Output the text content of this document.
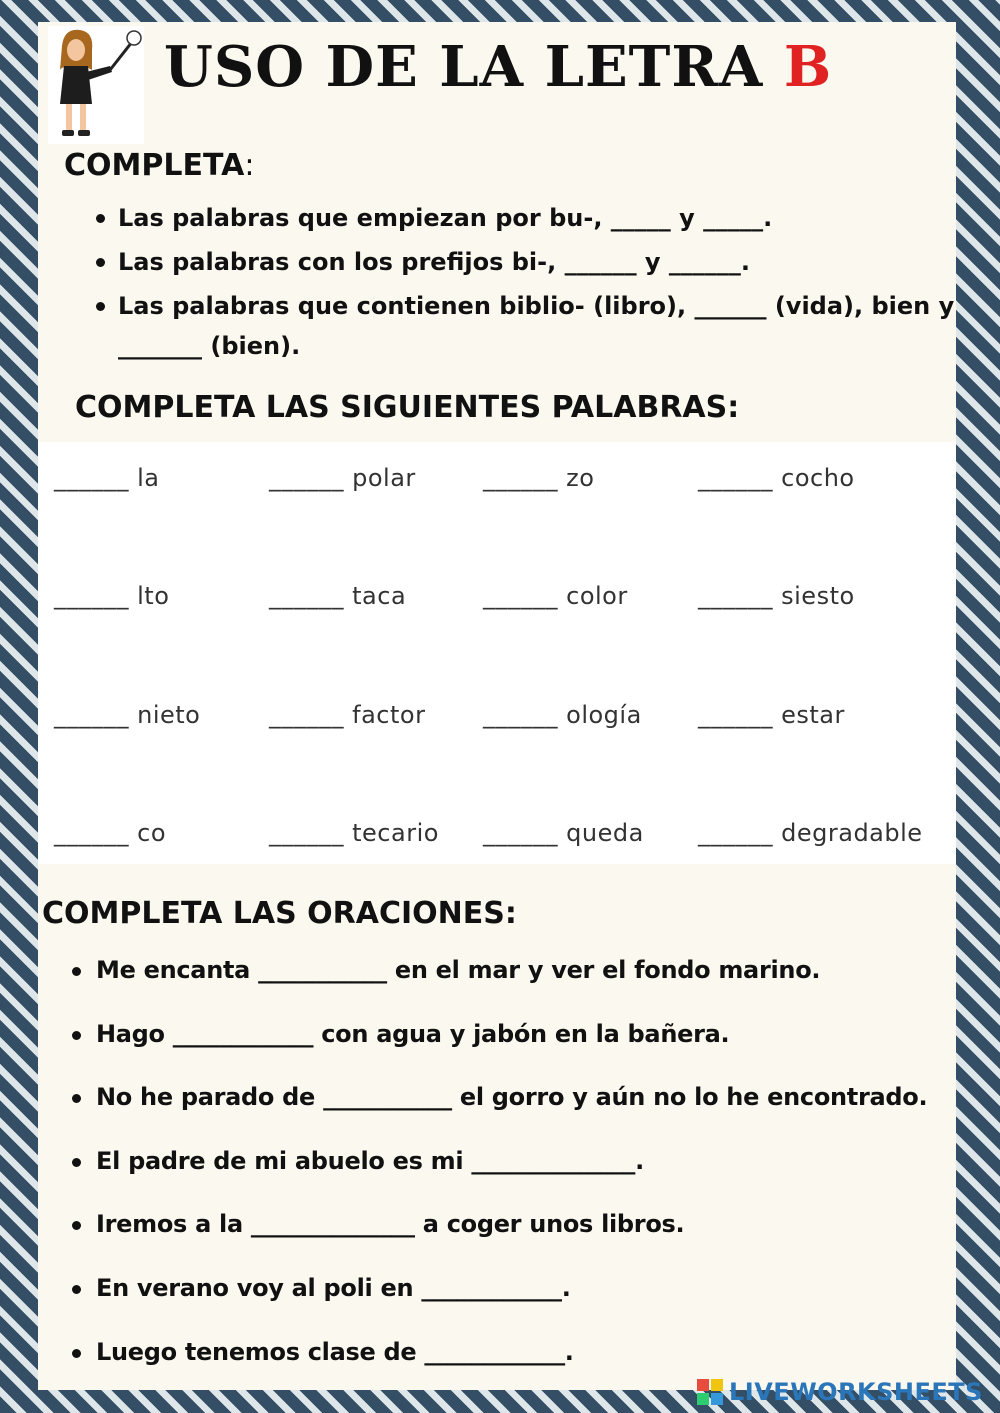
USO DE LA LETRA B
COMPLETA:
Las palabras que empiezan por bu-, _____ y _____.
Las palabras con los prefijos bi-, ______ y ______.
Las palabras que contienen biblio- (libro), ______ (vida), bien y
_______ (bien).
COMPLETA LAS SIGUIENTES PALABRAS:
______ la	______ polar	______ zo	______ cocho
______ lto	______ taca	______ color	______ siesto
______ nieto	______ factor ______ ología ______ estar
______ co	______ tecario ______ queda ______ degradable
COMPLETA LAS ORACIONES:
Me encanta ___________ en el mar y ver el fondo marino.
Hago ____________ con agua y jabón en la bañera.
No he parado de ___________ el gorro y aún no lo he encontrado.
El padre de mi abuelo es mi ______________.
Iremos a la ______________ a coger unos libros.
En verano voy al poli en ____________.
Luego tenemos clase de ____________.
LIVEWORKSHEETS
